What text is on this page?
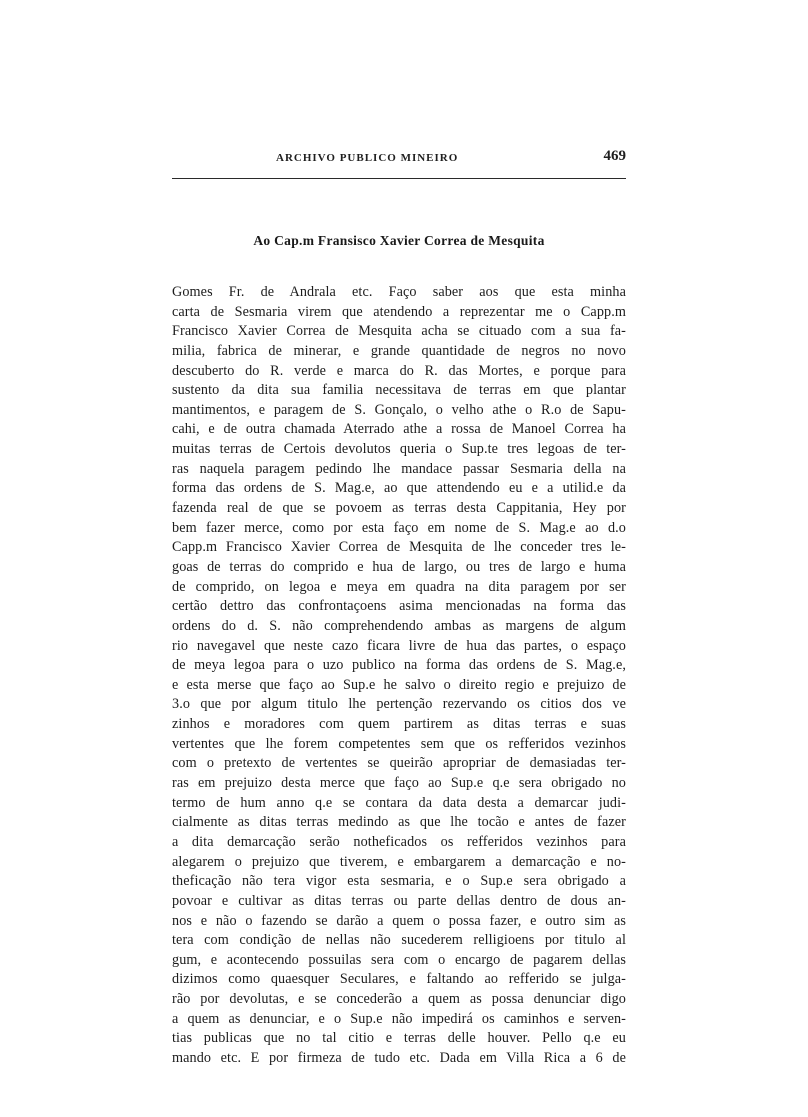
ARCHIVO PUBLICO MINEIRO	469
Ao Cap.m Fransisco Xavier Correa de Mesquita
Gomes Fr. de Andrala etc. Faço saber aos que esta minha
carta de Sesmaria virem que atendendo a reprezentar me o Capp.m
Francisco Xavier Correa de Mesquita acha se cituado com a sua fa-
milia, fabrica de minerar, e grande quantidade de negros no novo
descuberto do R. verde e marca do R. das Mortes, e porque para
sustento da dita sua familia necessitava de terras em que plantar
mantimentos, e paragem de S. Gonçalo, o velho athe o R.o de Sapu-
cahi, e de outra chamada Aterrado athe a rossa de Manoel Correa ha
muitas terras de Certois devolutos queria o Sup.te tres legoas de ter-
ras naquela paragem pedindo lhe mandace passar Sesmaria della na
forma das ordens de S. Mag.e, ao que attendendo eu e a utilid.e da
fazenda real de que se povoem as terras desta Cappitania, Hey por
bem fazer merce, como por esta faço em nome de S. Mag.e ao d.o
Capp.m Francisco Xavier Correa de Mesquita de lhe conceder tres le-
goas de terras do comprido e hua de largo, ou tres de largo e huma
de comprido, on legoa e meya em quadra na dita paragem por ser
certão dettro das confrontaçoens asima mencionadas na forma das
ordens do d. S. não comprehendendo ambas as margens de algum
rio navegavel que neste cazo ficara livre de hua das partes, o espaço
de meya legoa para o uzo publico na forma das ordens de S. Mag.e,
e esta merse que faço ao Sup.e he salvo o direito regio e prejuizo de
3.o que por algum titulo lhe pertenção rezervando os citios dos ve
zinhos e moradores com quem partirem as ditas terras e suas
vertentes que lhe forem competentes sem que os refferidos vezinhos
com o pretexto de vertentes se queirão apropriar de demasiadas ter-
ras em prejuizo desta merce que faço ao Sup.e q.e sera obrigado no
termo de hum anno q.e se contara da data desta a demarcar judi-
cialmente as ditas terras medindo as que lhe tocão e antes de fazer
a dita demarcação serão notheficados os refferidos vezinhos para
alegarem o prejuizo que tiverem, e embargarem a demarcação e no-
theficação não tera vigor esta sesmaria, e o Sup.e sera obrigado a
povoar e cultivar as ditas terras ou parte dellas dentro de dous an-
nos e não o fazendo se darão a quem o possa fazer, e outro sim as
tera com condição de nellas não sucederem relligioens por titulo al
gum, e acontecendo possuilas sera com o encargo de pagarem dellas
dizimos como quaesquer Seculares, e faltando ao refferido se julga-
rão por devolutas, e se concederão a quem as possa denunciar digo
a quem as denunciar, e o Sup.e não impedirá os caminhos e serven-
tias publicas que no tal citio e terras delle houver. Pello q.e eu
mando etc. E por firmeza de tudo etc. Dada em Villa Rica a 6 de
